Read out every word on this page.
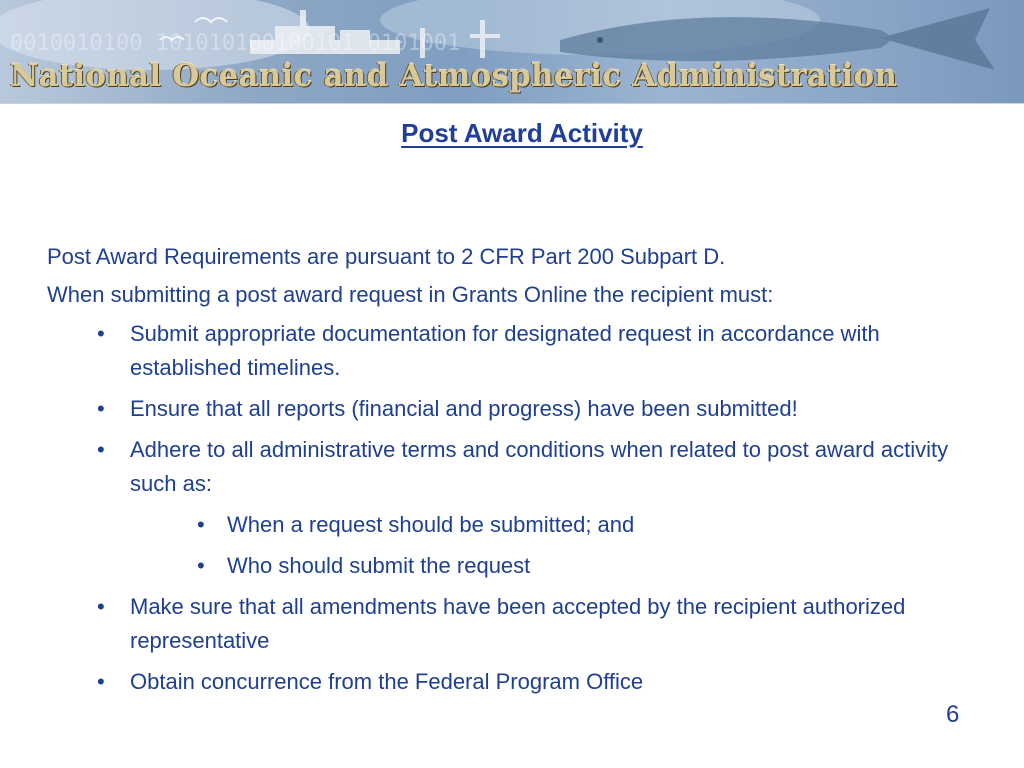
0010010100 101010100100101 0101001
National Oceanic and Atmospheric Administration
Post Award Activity
Post Award Requirements are pursuant to 2 CFR Part 200 Subpart D.
When submitting a post award request in Grants Online the recipient must:
• Submit appropriate documentation for designated request in accordance with established timelines.
• Ensure that all reports (financial and progress) have been submitted!
• Adhere to all administrative terms and conditions when related to post award activity such as:
• When a request should be submitted; and
• Who should submit the request
• Make sure that all amendments have been accepted by the recipient authorized representative
• Obtain concurrence from the Federal Program Office
6
